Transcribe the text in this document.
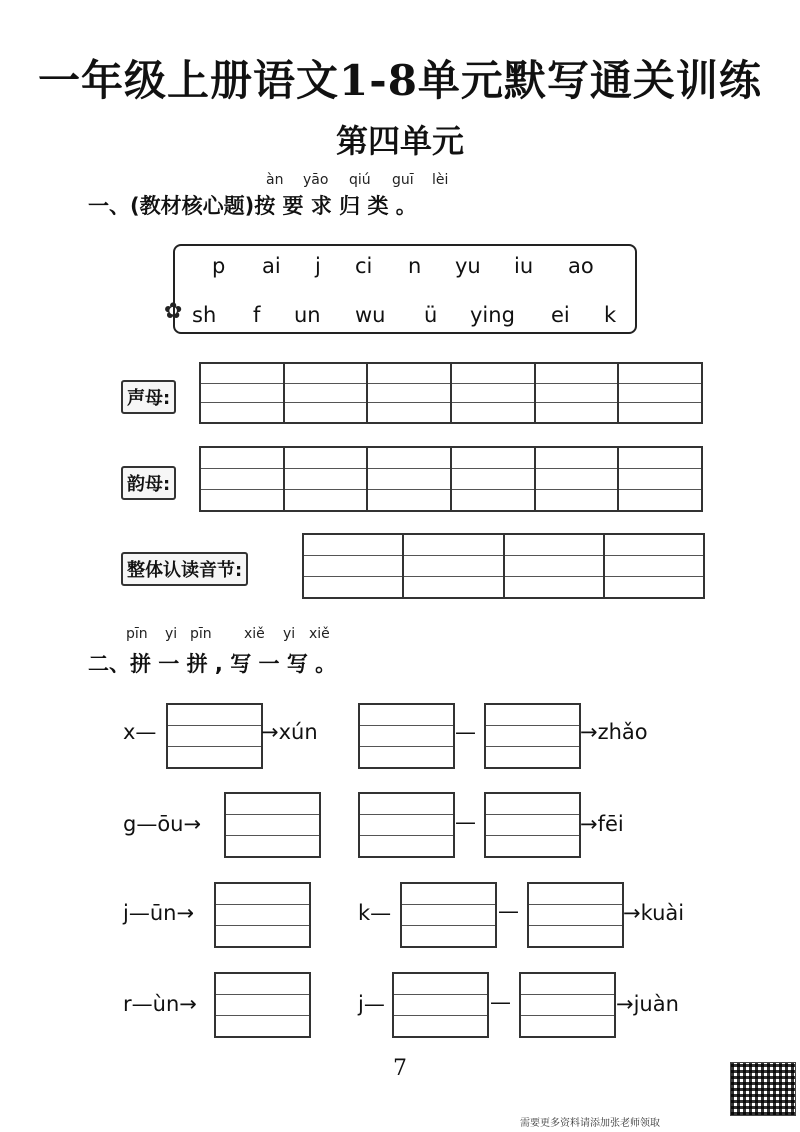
一年级上册语文1-8单元默写通关训练
第四单元
àn yāo qiú guī lèi
一、(教材核心题)按 要 求 归 类 。
p ai j ci n yu iu ao
✿ sh f un wu ü ying ei k
声母:
韵母:
整体认读音节:
pīn yi pīn xiě yi xiě
二、拼 一 拼 , 写 一 写 。
x—	→xún	—	→zhǎo
g—ōu→	—	→fēi
j—ūn→	k—	—	→kuài
r—ùn→	j—	—	→juàn
7
需要更多资料请添加张老师领取
